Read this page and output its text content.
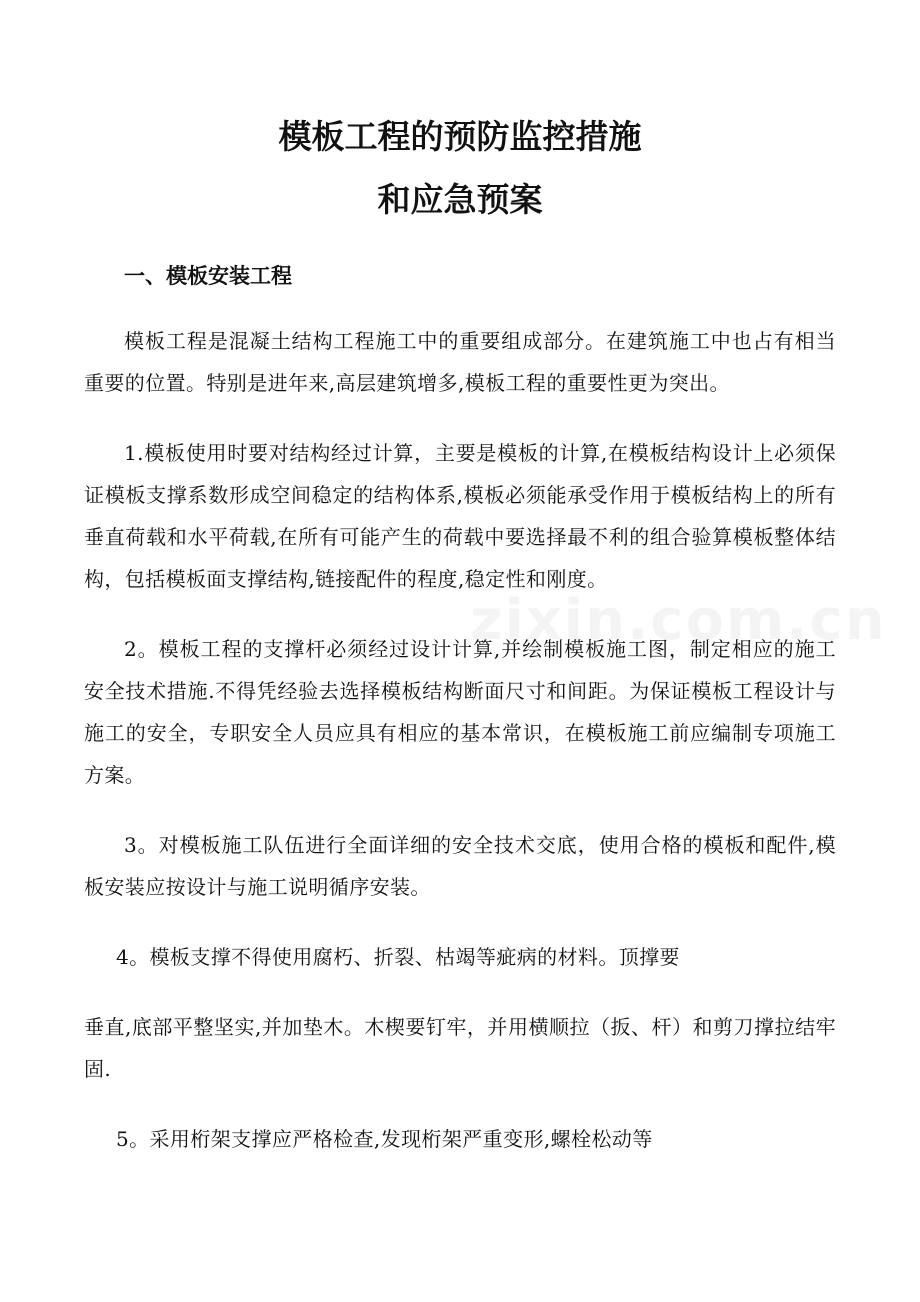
模板工程的预防监控措施
和应急预案
一、模板安装工程

模板工程是混凝土结构工程施工中的重要组成部分。在建筑施工中也占有相当重要的位置。特别是进年来,高层建筑增多,模板工程的重要性更为突出。

1.模板使用时要对结构经过计算，主要是模板的计算,在模板结构设计上必须保证模板支撑系数形成空间稳定的结构体系,模板必须能承受作用于模板结构上的所有垂直荷载和水平荷载,在所有可能产生的荷载中要选择最不利的组合验算模板整体结构，包括模板面支撑结构,链接配件的程度,稳定性和刚度。

2。模板工程的支撑杆必须经过设计计算,并绘制模板施工图，制定相应的施工安全技术措施.不得凭经验去选择模板结构断面尺寸和间距。为保证模板工程设计与施工的安全，专职安全人员应具有相应的基本常识，在模板施工前应编制专项施工方案。

3。对模板施工队伍进行全面详细的安全技术交底，使用合格的模板和配件,模板安装应按设计与施工说明循序安装。

4。模板支撑不得使用腐朽、折裂、枯竭等疵病的材料。顶撑要

垂直,底部平整坚实,并加垫木。木楔要钉牢，并用横顺拉（扳、杆）和剪刀撑拉结牢固.

5。采用桁架支撑应严格检查,发现桁架严重变形,螺栓松动等
